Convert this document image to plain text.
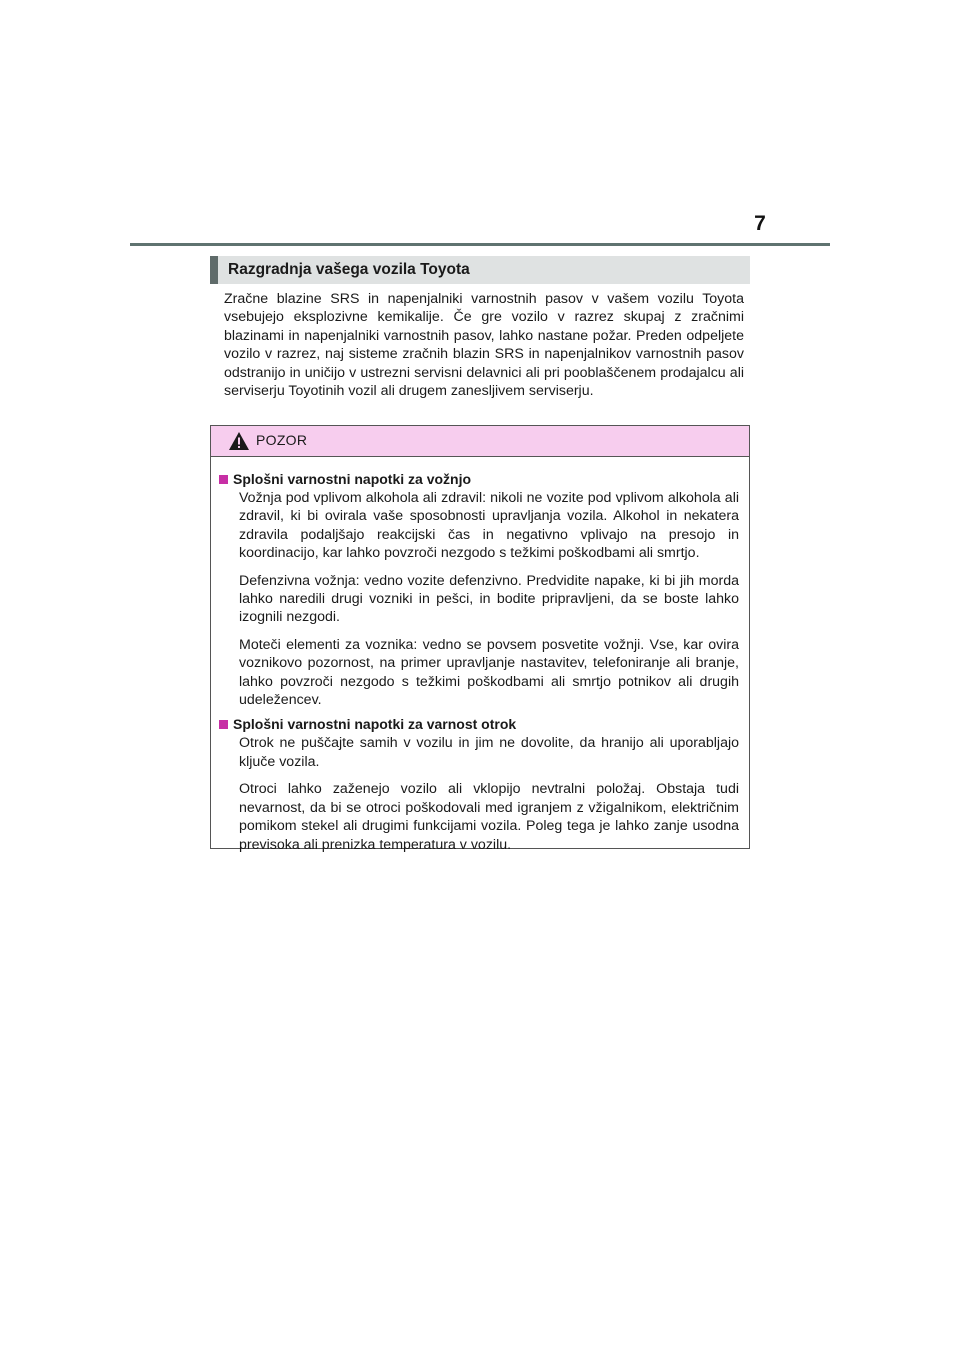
7
Razgradnja vašega vozila Toyota

Zračne blazine SRS in napenjalniki varnostnih pasov v vašem vozilu Toyota vsebujejo eksplozivne kemikalije. Če gre vozilo v razrez skupaj z zračnimi blazinami in napenjalniki varnostnih pasov, lahko nastane požar. Preden odpeljete vozilo v razrez, naj sisteme zračnih blazin SRS in napenjalnikov varnostnih pasov odstranijo in uničijo v ustrezni servisni delavnici ali pri pooblaščenem prodajalcu ali serviserju Toyotinih vozil ali drugem zanesljivem serviserju.

POZOR
Splošni varnostni napotki za vožnjo

Vožnja pod vplivom alkohola ali zdravil: nikoli ne vozite pod vplivom alkohola ali zdravil, ki bi ovirala vaše sposobnosti upravljanja vozila. Alkohol in nekatera zdravila podaljšajo reakcijski čas in negativno vplivajo na presojo in koordinacijo, kar lahko povzroči nezgodo s težkimi poškodbami ali smrtjo.

Defenzivna vožnja: vedno vozite defenzivno. Predvidite napake, ki bi jih morda lahko naredili drugi vozniki in pešci, in bodite pripravljeni, da se boste lahko izognili nezgodi.

Moteči elementi za voznika: vedno se povsem posvetite vožnji. Vse, kar ovira voznikovo pozornost, na primer upravljanje nastavitev, telefoniranje ali branje, lahko povzroči nezgodo s težkimi poškodbami ali smrtjo potnikov ali drugih udeležencev.

Splošni varnostni napotki za varnost otrok

Otrok ne puščajte samih v vozilu in jim ne dovolite, da hranijo ali uporabljajo ključe vozila.

Otroci lahko zaženejo vozilo ali vklopijo nevtralni položaj. Obstaja tudi nevarnost, da bi se otroci poškodovali med igranjem z vžigalnikom, električnim pomikom stekel ali drugimi funkcijami vozila. Poleg tega je lahko zanje usodna previsoka ali prenizka temperatura v vozilu.
